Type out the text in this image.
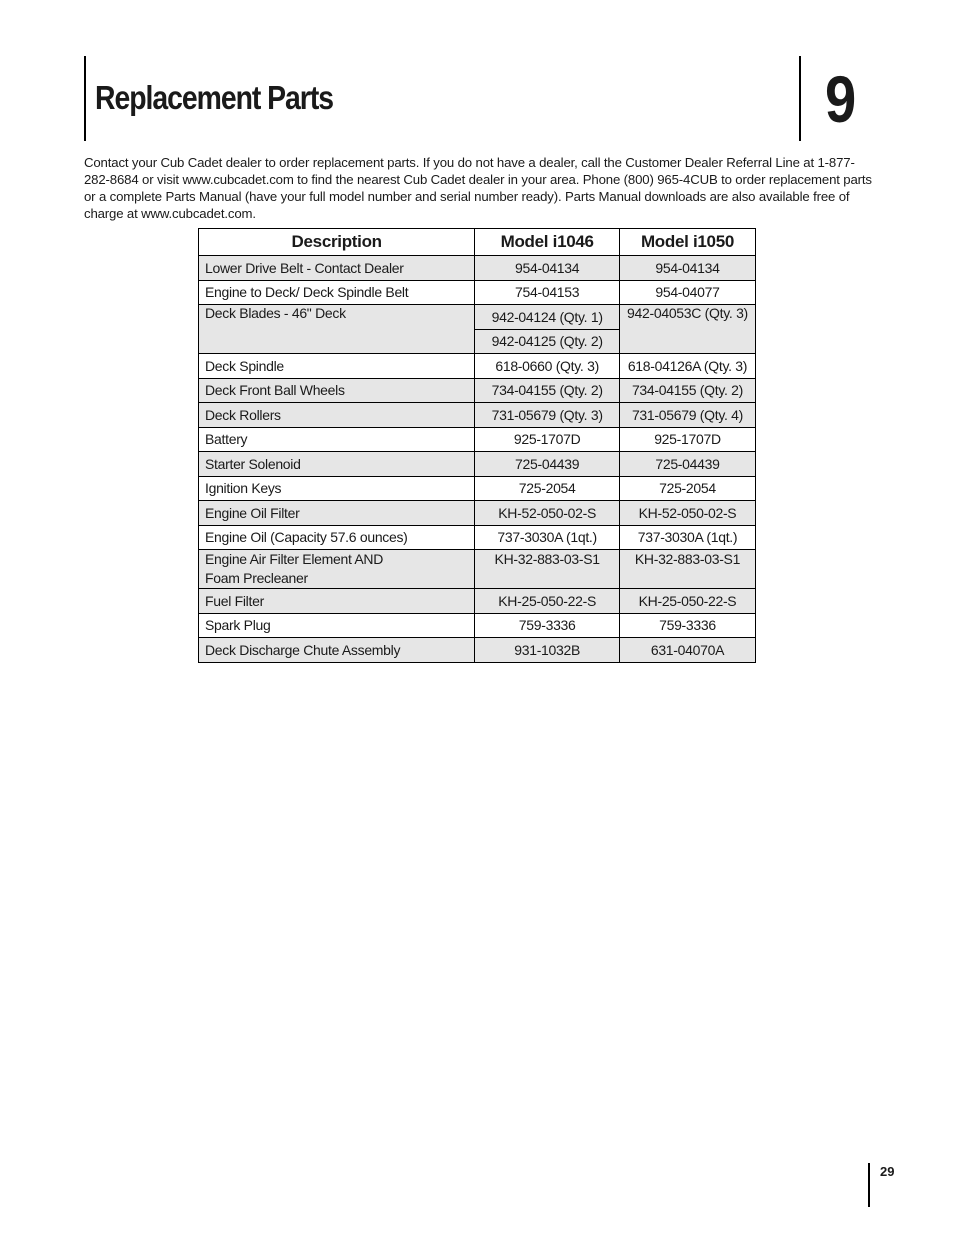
Replacement Parts	9

Contact your Cub Cadet dealer to order replacement parts. If you do not have a dealer, call the Customer Dealer Referral Line at 1-877-282-8684 or visit www.cubcadet.com to find the nearest Cub Cadet dealer in your area. Phone (800) 965-4CUB to order replacement parts or a complete Parts Manual (have your full model number and serial number ready). Parts Manual downloads are also available free of charge at www.cubcadet.com.

Description	Model i1046	Model i1050
Lower Drive Belt - Contact Dealer	954-04134	954-04134
Engine to Deck/ Deck Spindle Belt	754-04153	954-04077
Deck Blades - 46" Deck	942-04124 (Qty. 1)	942-04053C (Qty. 3)
	942-04125 (Qty. 2)	
Deck Spindle	618-0660 (Qty. 3)	618-04126A (Qty. 3)
Deck Front Ball Wheels	734-04155 (Qty. 2)	734-04155 (Qty. 2)
Deck Rollers	731-05679 (Qty. 3)	731-05679 (Qty. 4)
Battery	925-1707D	925-1707D
Starter Solenoid	725-04439	725-04439
Ignition Keys	725-2054	725-2054
Engine Oil Filter	KH-52-050-02-S	KH-52-050-02-S
Engine Oil (Capacity 57.6 ounces)	737-3030A (1qt.)	737-3030A (1qt.)
Engine Air Filter Element AND
Foam Precleaner	KH-32-883-03-S1	KH-32-883-03-S1
Fuel Filter	KH-25-050-22-S	KH-25-050-22-S
Spark Plug	759-3336	759-3336
Deck Discharge Chute Assembly	931-1032B	631-04070A
29
